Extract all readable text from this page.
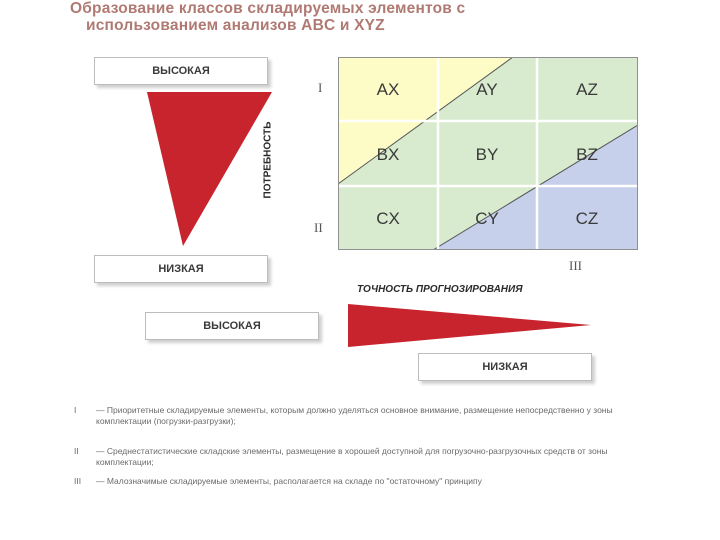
Образование классов складируемых элементов с
использованием анализов ABC и XYZ
ВЫСОКАЯ
НИЗКАЯ
ВЫСОКАЯ
НИЗКАЯ
ПОТРЕБНОСТЬ
ТОЧНОСТЬ ПРОГНОЗИРОВАНИЯ
I
II
III
AX	AY	AZ
BX	BY	BZ
CX	CY	CZ
I	— Приоритетные складируемые элементы, которым должно уделяться основное внимание, размещение непосредственно у зоны комплектации (погрузки-разгрузки);
II	— Среднестатистические складские элементы, размещение в хорошей доступной для погрузочно-разгрузочных средств от зоны комплектации;
III	— Малозначимые складируемые элементы, располагается на складе по "остаточному" принципу
